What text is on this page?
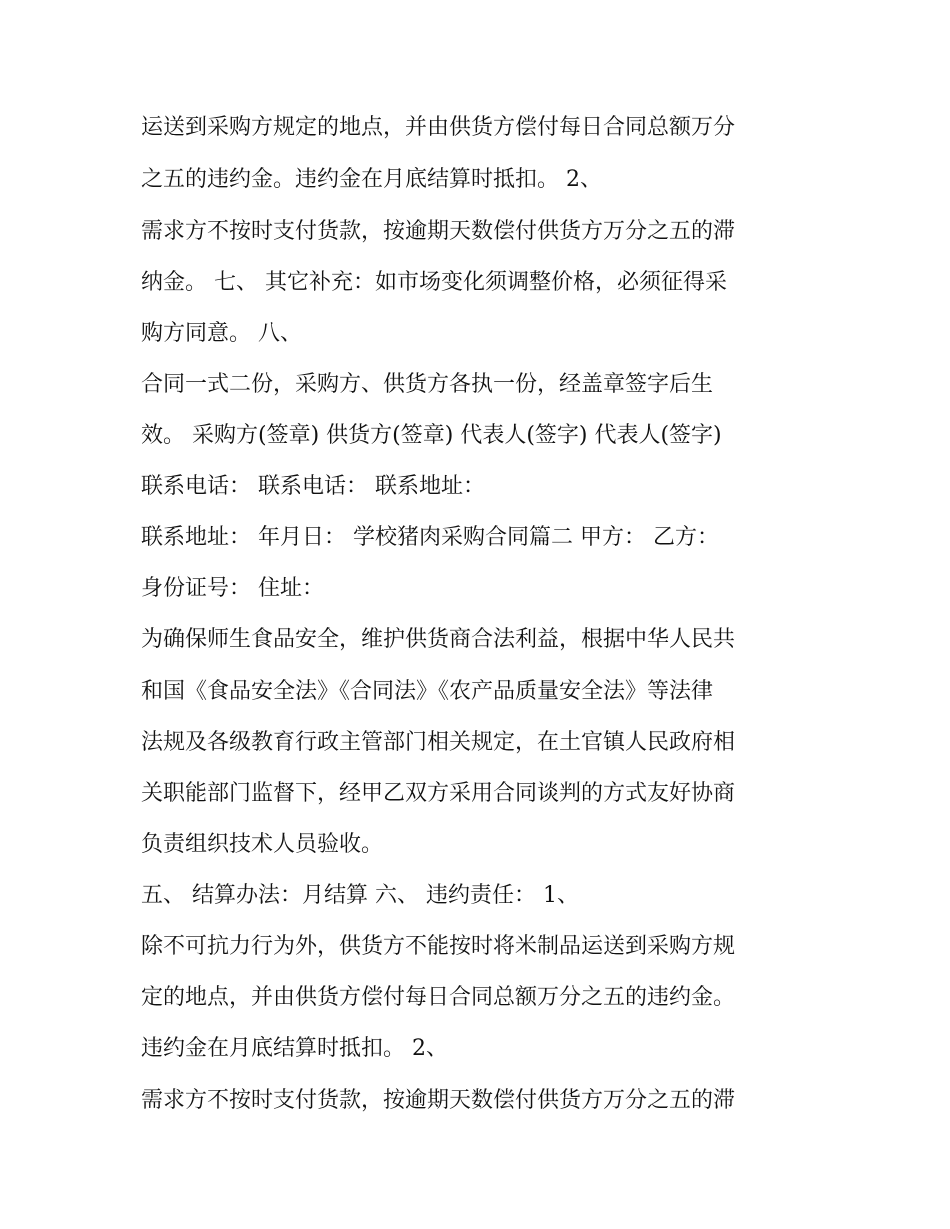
运送到采购方规定的地点，并由供货方偿付每日合同总额万分
之五的违约金。违约金在月底结算时抵扣。 2、
需求方不按时支付货款，按逾期天数偿付供货方万分之五的滞
纳金。 七、 其它补充：如市场变化须调整价格，必须征得采
购方同意。 八、
合同一式二份，采购方、供货方各执一份，经盖章签字后生
效。 采购方(签章) 供货方(签章) 代表人(签字) 代表人(签字)
联系电话： 联系电话： 联系地址：
联系地址： 年月日： 学校猪肉采购合同篇二 甲方： 乙方：
身份证号： 住址：
为确保师生食品安全，维护供货商合法利益，根据中华人民共
和国《食品安全法》《合同法》《农产品质量安全法》等法律
法规及各级教育行政主管部门相关规定，在土官镇人民政府相
关职能部门监督下，经甲乙双方采用合同谈判的方式友好协商
负责组织技术人员验收。
五、 结算办法：月结算 六、 违约责任： 1、
除不可抗力行为外，供货方不能按时将米制品运送到采购方规
定的地点，并由供货方偿付每日合同总额万分之五的违约金。
违约金在月底结算时抵扣。 2、
需求方不按时支付货款，按逾期天数偿付供货方万分之五的滞
